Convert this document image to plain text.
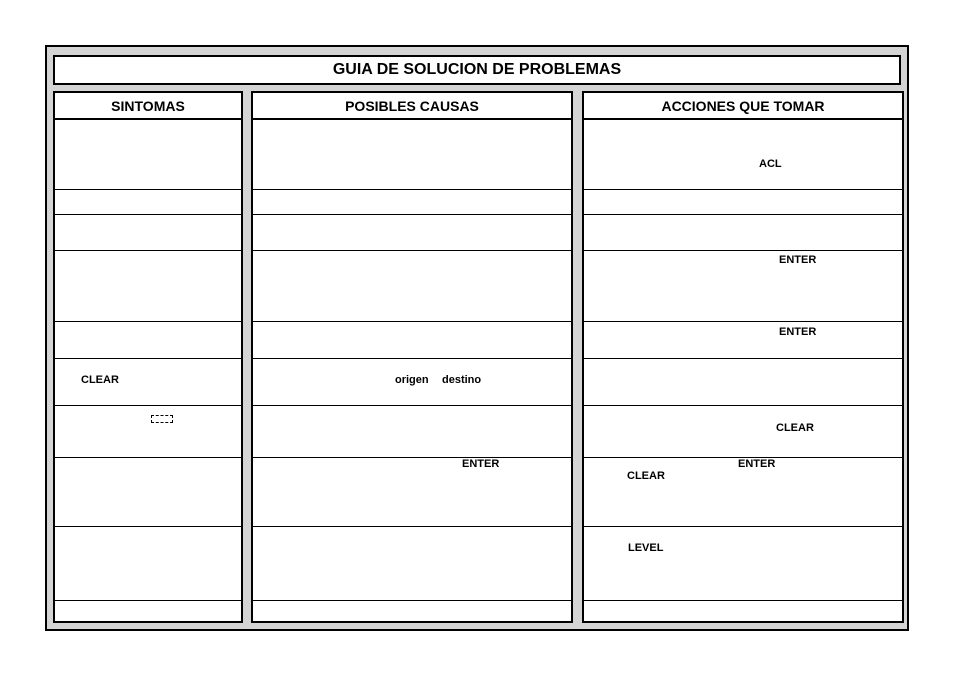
GUIA DE SOLUCION DE PROBLEMAS
SINTOMAS
CLEAR
POSIBLES CAUSAS
origen destino
ENTER
ACCIONES QUE TOMAR
ACL
ENTER
ENTER
CLEAR
ENTER
CLEAR
LEVEL
